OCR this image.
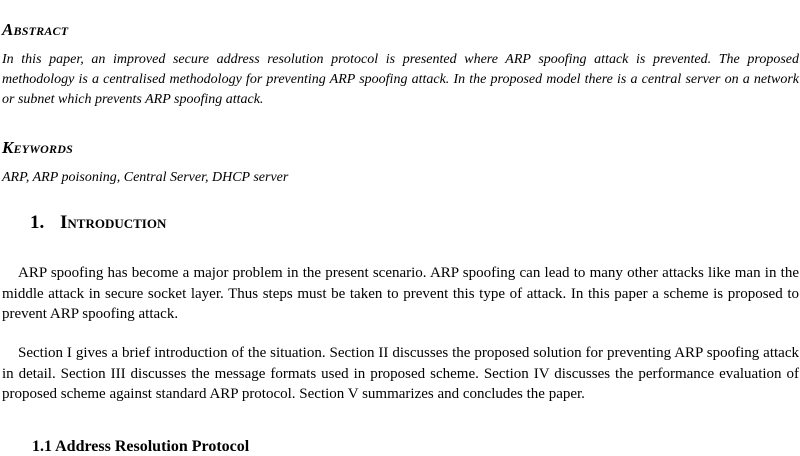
Abstract
In this paper, an improved secure address resolution protocol is presented where ARP spoofing attack is prevented. The proposed methodology is a centralised methodology for preventing ARP spoofing attack. In the proposed model there is a central server on a network or subnet which prevents ARP spoofing attack.
Keywords
ARP, ARP poisoning, Central Server, DHCP server
1. Introduction

ARP spoofing has become a major problem in the present scenario. ARP spoofing can lead to many other attacks like man in the middle attack in secure socket layer. Thus steps must be taken to prevent this type of attack. In this paper a scheme is proposed to prevent ARP spoofing attack.

Section I gives a brief introduction of the situation. Section II discusses the proposed solution for preventing ARP spoofing attack in detail. Section III discusses the message formats used in proposed scheme. Section IV discusses the performance evaluation of proposed scheme against standard ARP protocol. Section V summarizes and concludes the paper.

1.1 Address Resolution Protocol
